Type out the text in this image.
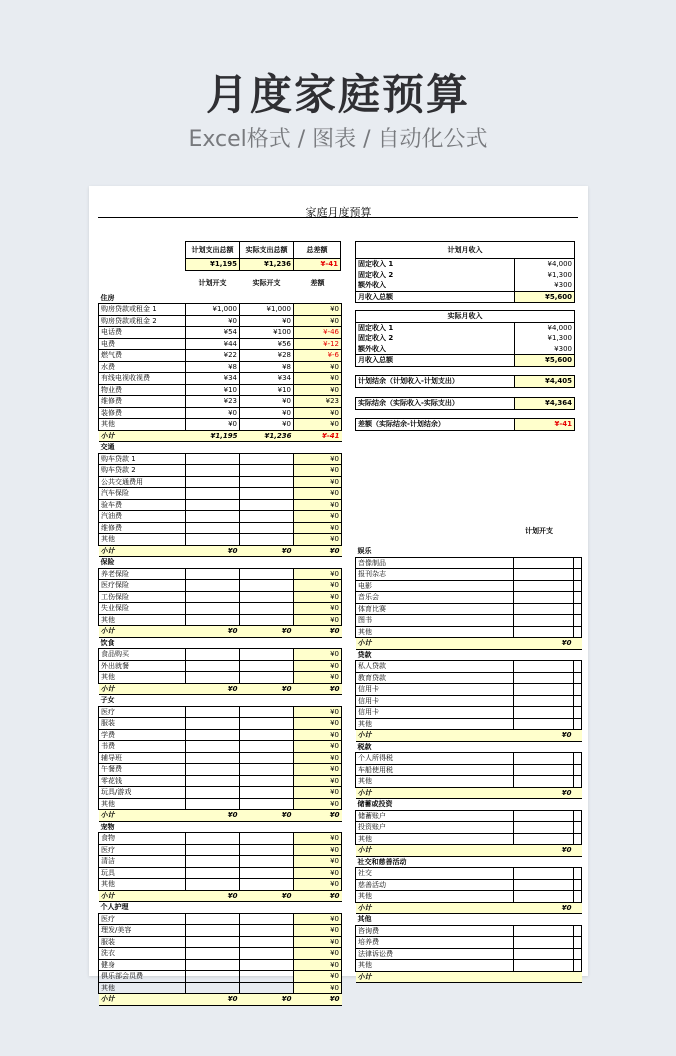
月度家庭预算
Excel格式 / 图表 / 自动化公式
家庭月度预算
计划支出总额	实际支出总额	总差额
¥1,195	¥1,236	¥-41
	计划开支	实际开支	差额
住房			
购房贷款或租金 1	¥1,000	¥1,000	¥0
购房贷款或租金 2	¥0	¥0	¥0
电话费	¥54	¥100	¥-46
电费	¥44	¥56	¥-12
燃气费	¥22	¥28	¥-6
水费	¥8	¥8	¥0
有线电视收视费	¥34	¥34	¥0
物业费	¥10	¥10	¥0
维修费	¥23	¥0	¥23
装修费	¥0	¥0	¥0
其他	¥0	¥0	¥0
小计	¥1,195	¥1,236	¥-41
交通			
购车贷款 1			¥0
购车贷款 2			¥0
公共交通费用			¥0
汽车保险			¥0
验车费			¥0
汽油费			¥0
维修费			¥0
其他			¥0
小计	¥0	¥0	¥0
保险			
养老保险			¥0
医疗保险			¥0
工伤保险			¥0
失业保险			¥0
其他			¥0
小计	¥0	¥0	¥0
饮食			
食品购买			¥0
外出就餐			¥0
其他			¥0
小计	¥0	¥0	¥0
子女			
医疗			¥0
服装			¥0
学费			¥0
书费			¥0
辅导班			¥0
午餐费			¥0
零花钱			¥0
玩具/游戏			¥0
其他			¥0
小计	¥0	¥0	¥0
宠物			
食物			¥0
医疗			¥0
清洁			¥0
玩具			¥0
其他			¥0
小计	¥0	¥0	¥0
个人护理			
医疗			¥0
理发/美容			¥0
服装			¥0
洗衣			¥0
健身			¥0
俱乐部会员费			¥0
其他			¥0
小计	¥0	¥0	¥0
计划月收入	
固定收入 1	¥4,000
固定收入 2	¥1,300
额外收入	¥300
月收入总额	¥5,600
实际月收入	
固定收入 1	¥4,000
固定收入 2	¥1,300
额外收入	¥300
月收入总额	¥5,600
计划结余（计划收入-计划支出）	¥4,405
实际结余（实际收入-实际支出）	¥4,364
差额（实际结余-计划结余）	¥-41
计划开支
娱乐		
音像制品		
报刊杂志		
电影		
音乐会		
体育比赛		
图书		
其他		
小计	¥0	
贷款		
私人贷款		
教育贷款		
信用卡		
信用卡		
信用卡		
其他		
小计	¥0	
税款		
个人所得税		
车船使用税		
其他		
小计	¥0	
储蓄或投资		
储蓄账户		
投资账户		
其他		
小计	¥0	
社交和慈善活动		
社交		
慈善活动		
其他		
小计	¥0	
其他		
咨询费		
培养费		
法律诉讼费		
其他		
小计		
